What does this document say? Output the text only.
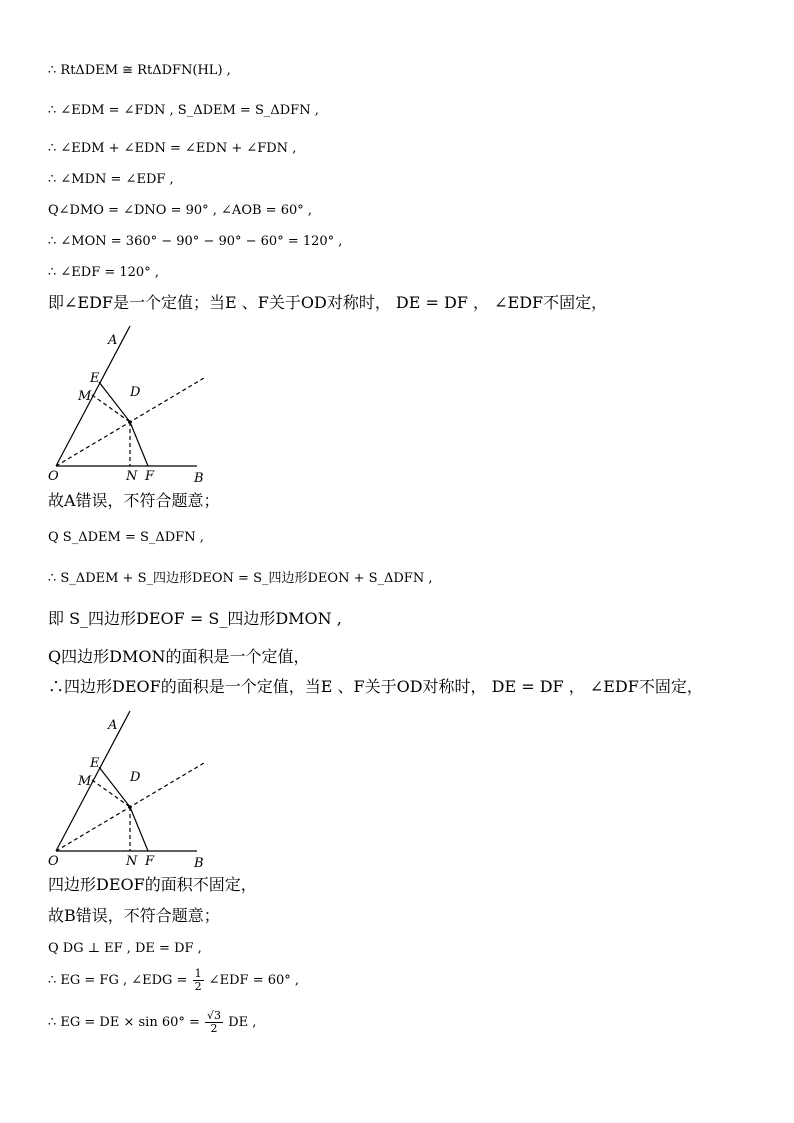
∴ RtΔDEM ≅ RtΔDFN(HL) ,
∴ ∠EDM = ∠FDN , S_ΔDEM = S_ΔDFN ,
∴ ∠EDM + ∠EDN = ∠EDN + ∠FDN ,
∴ ∠MDN = ∠EDF ,
Q∠DMO = ∠DNO = 90° , ∠AOB = 60° ,
∴ ∠MON = 360° − 90° − 90° − 60° = 120° ,
∴ ∠EDF = 120° ,
即∠EDF是一个定值；当E 、F关于OD对称时， DE = DF ， ∠EDF不固定，
A
E
M	D
O	N F	B
故A错误，不符合题意；
Q S_ΔDEM = S_ΔDFN ,
∴ S_ΔDEM + S_四边形DEON = S_四边形DEON + S_ΔDFN ,
即 S_四边形DEOF = S_四边形DMON ,
Q四边形DMON的面积是一个定值，
∴四边形DEOF的面积是一个定值，当E 、F关于OD对称时， DE = DF ， ∠EDF不固定，
A
E
M	D
O	N F	B
四边形DEOF的面积不固定，
故B错误，不符合题意；
Q DG ⊥ EF , DE = DF ,
∴ EG = FG , ∠EDG = $\frac{1}{2}$ ∠EDF = 60° ,
∴ EG = DE × $\sin 60^\circ = \frac{√3}{2}$ DE ,
